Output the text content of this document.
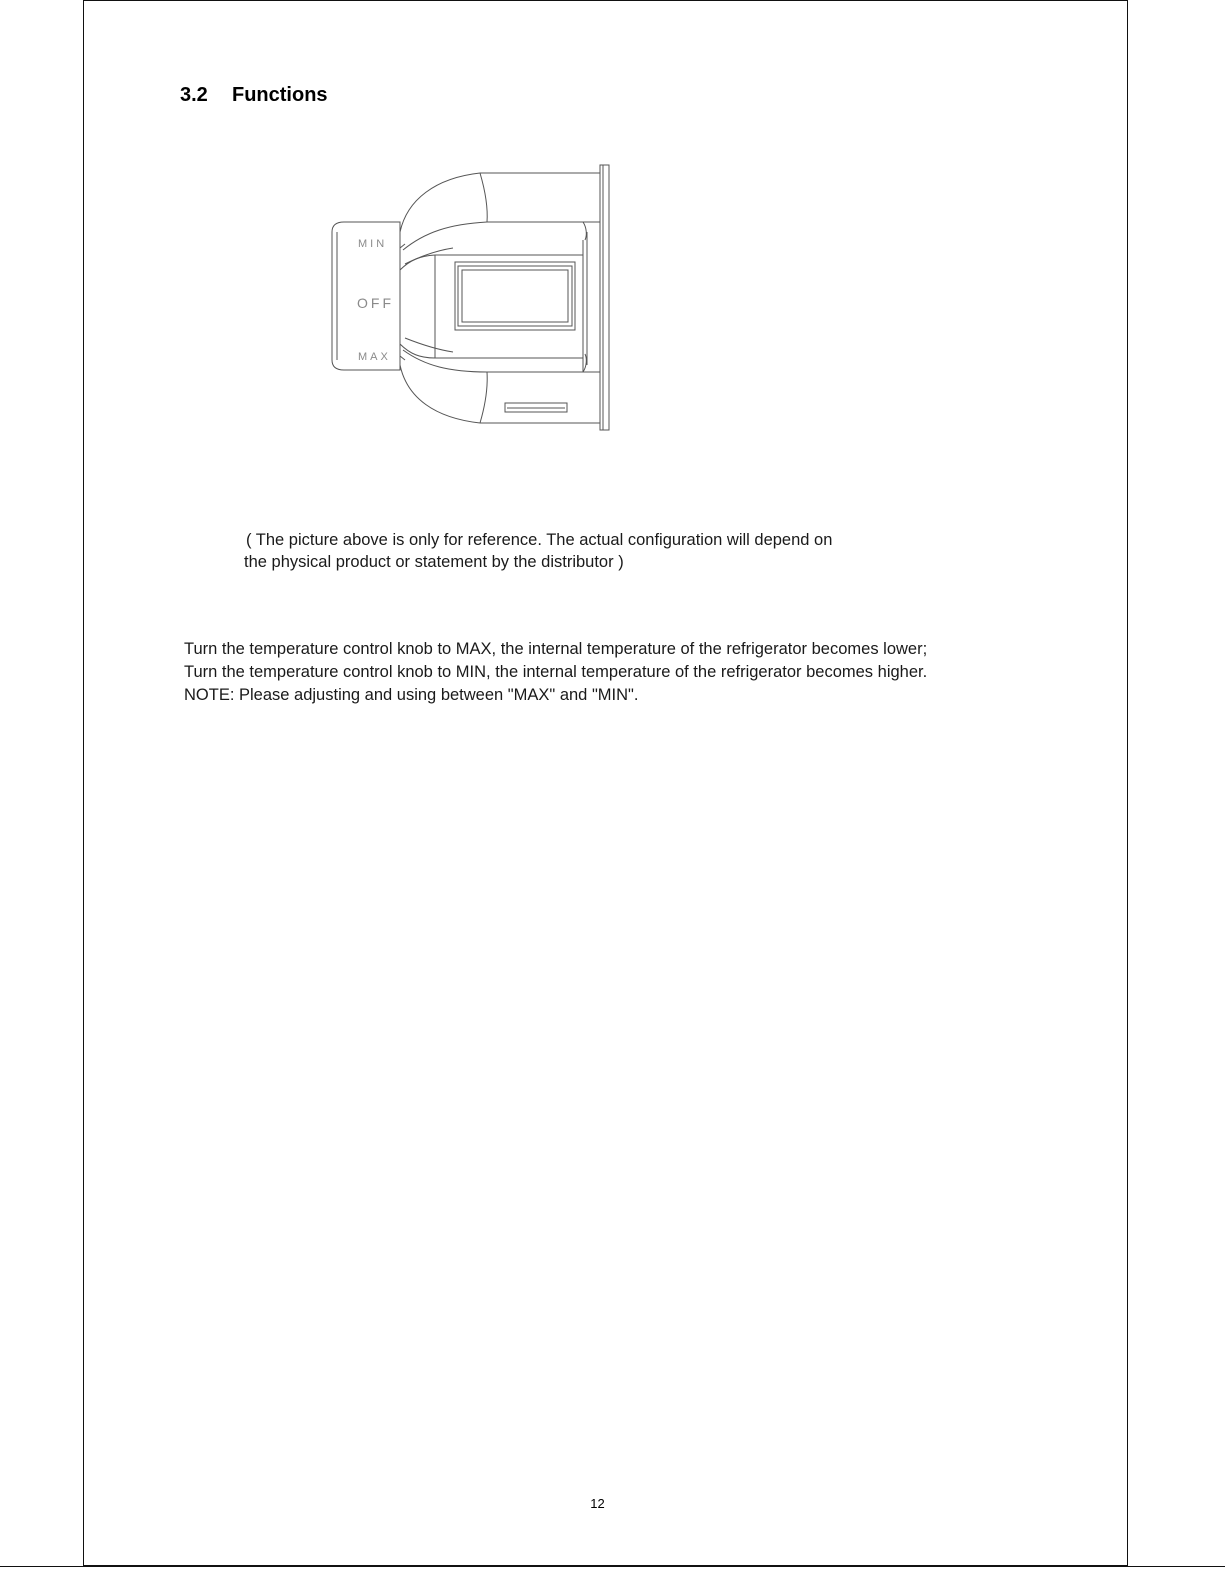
3.2 Functions
MIN
OFF
MAX
( The picture above is only for reference. The actual configuration will depend on
the physical product or statement by the distributor )
Turn the temperature control knob to MAX, the internal temperature of the refrigerator becomes lower;
Turn the temperature control knob to MIN, the internal temperature of the refrigerator becomes higher.
NOTE: Please adjusting and using between "MAX" and "MIN".
12
